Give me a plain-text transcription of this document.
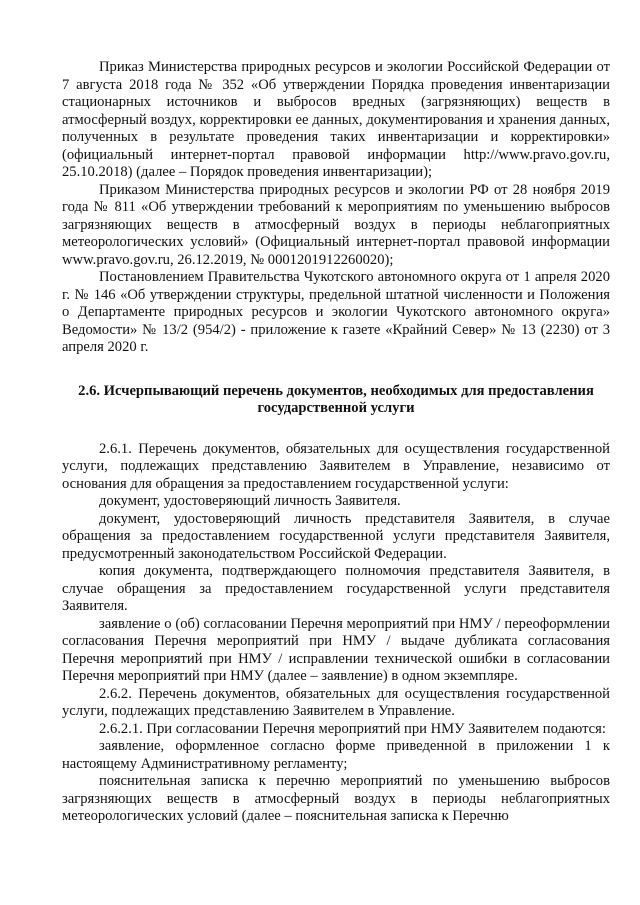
Приказ Министерства природных ресурсов и экологии Российской Федерации от 7 августа 2018 года № 352 «Об утверждении Порядка проведения инвентаризации стационарных источников и выбросов вредных (загрязняющих) веществ в атмосферный воздух, корректировки ее данных, документирования и хранения данных, полученных в результате проведения таких инвентаризации и корректировки» (официальный интернет-портал правовой информации http://www.pravo.gov.ru, 25.10.2018) (далее – Порядок проведения инвентаризации);

Приказом Министерства природных ресурсов и экологии РФ от 28 ноября 2019 года № 811 «Об утверждении требований к мероприятиям по уменьшению выбросов загрязняющих веществ в атмосферный воздух в периоды неблагоприятных метеорологических условий» (Официальный интернет-портал правовой информации www.pravo.gov.ru, 26.12.2019, № 0001201912260020);

Постановлением Правительства Чукотского автономного округа от 1 апреля 2020 г. № 146 «Об утверждении структуры, предельной штатной численности и Положения о Департаменте природных ресурсов и экологии Чукотского автономного округа» Ведомости» № 13/2 (954/2) - приложение к газете «Крайний Север» № 13 (2230) от 3 апреля 2020 г.

2.6. Исчерпывающий перечень документов, необходимых для предоставления государственной услуги

2.6.1. Перечень документов, обязательных для осуществления государственной услуги, подлежащих представлению Заявителем в Управление, независимо от основания для обращения за предоставлением государственной услуги:

документ, удостоверяющий личность Заявителя.

документ, удостоверяющий личность представителя Заявителя, в случае обращения за предоставлением государственной услуги представителя Заявителя, предусмотренный законодательством Российской Федерации.

копия документа, подтверждающего полномочия представителя Заявителя, в случае обращения за предоставлением государственной услуги представителя Заявителя.

заявление о (об) согласовании Перечня мероприятий при НМУ / переоформлении согласования Перечня мероприятий при НМУ / выдаче дубликата согласования Перечня мероприятий при НМУ / исправлении технической ошибки в согласовании Перечня мероприятий при НМУ (далее – заявление) в одном экземпляре.

2.6.2. Перечень документов, обязательных для осуществления государственной услуги, подлежащих представлению Заявителем в Управление.

2.6.2.1. При согласовании Перечня мероприятий при НМУ Заявителем подаются:

заявление, оформленное согласно форме приведенной в приложении 1 к настоящему Административному регламенту;

пояснительная записка к перечню мероприятий по уменьшению выбросов загрязняющих веществ в атмосферный воздух в периоды неблагоприятных метеорологических условий (далее – пояснительная записка к Перечню
